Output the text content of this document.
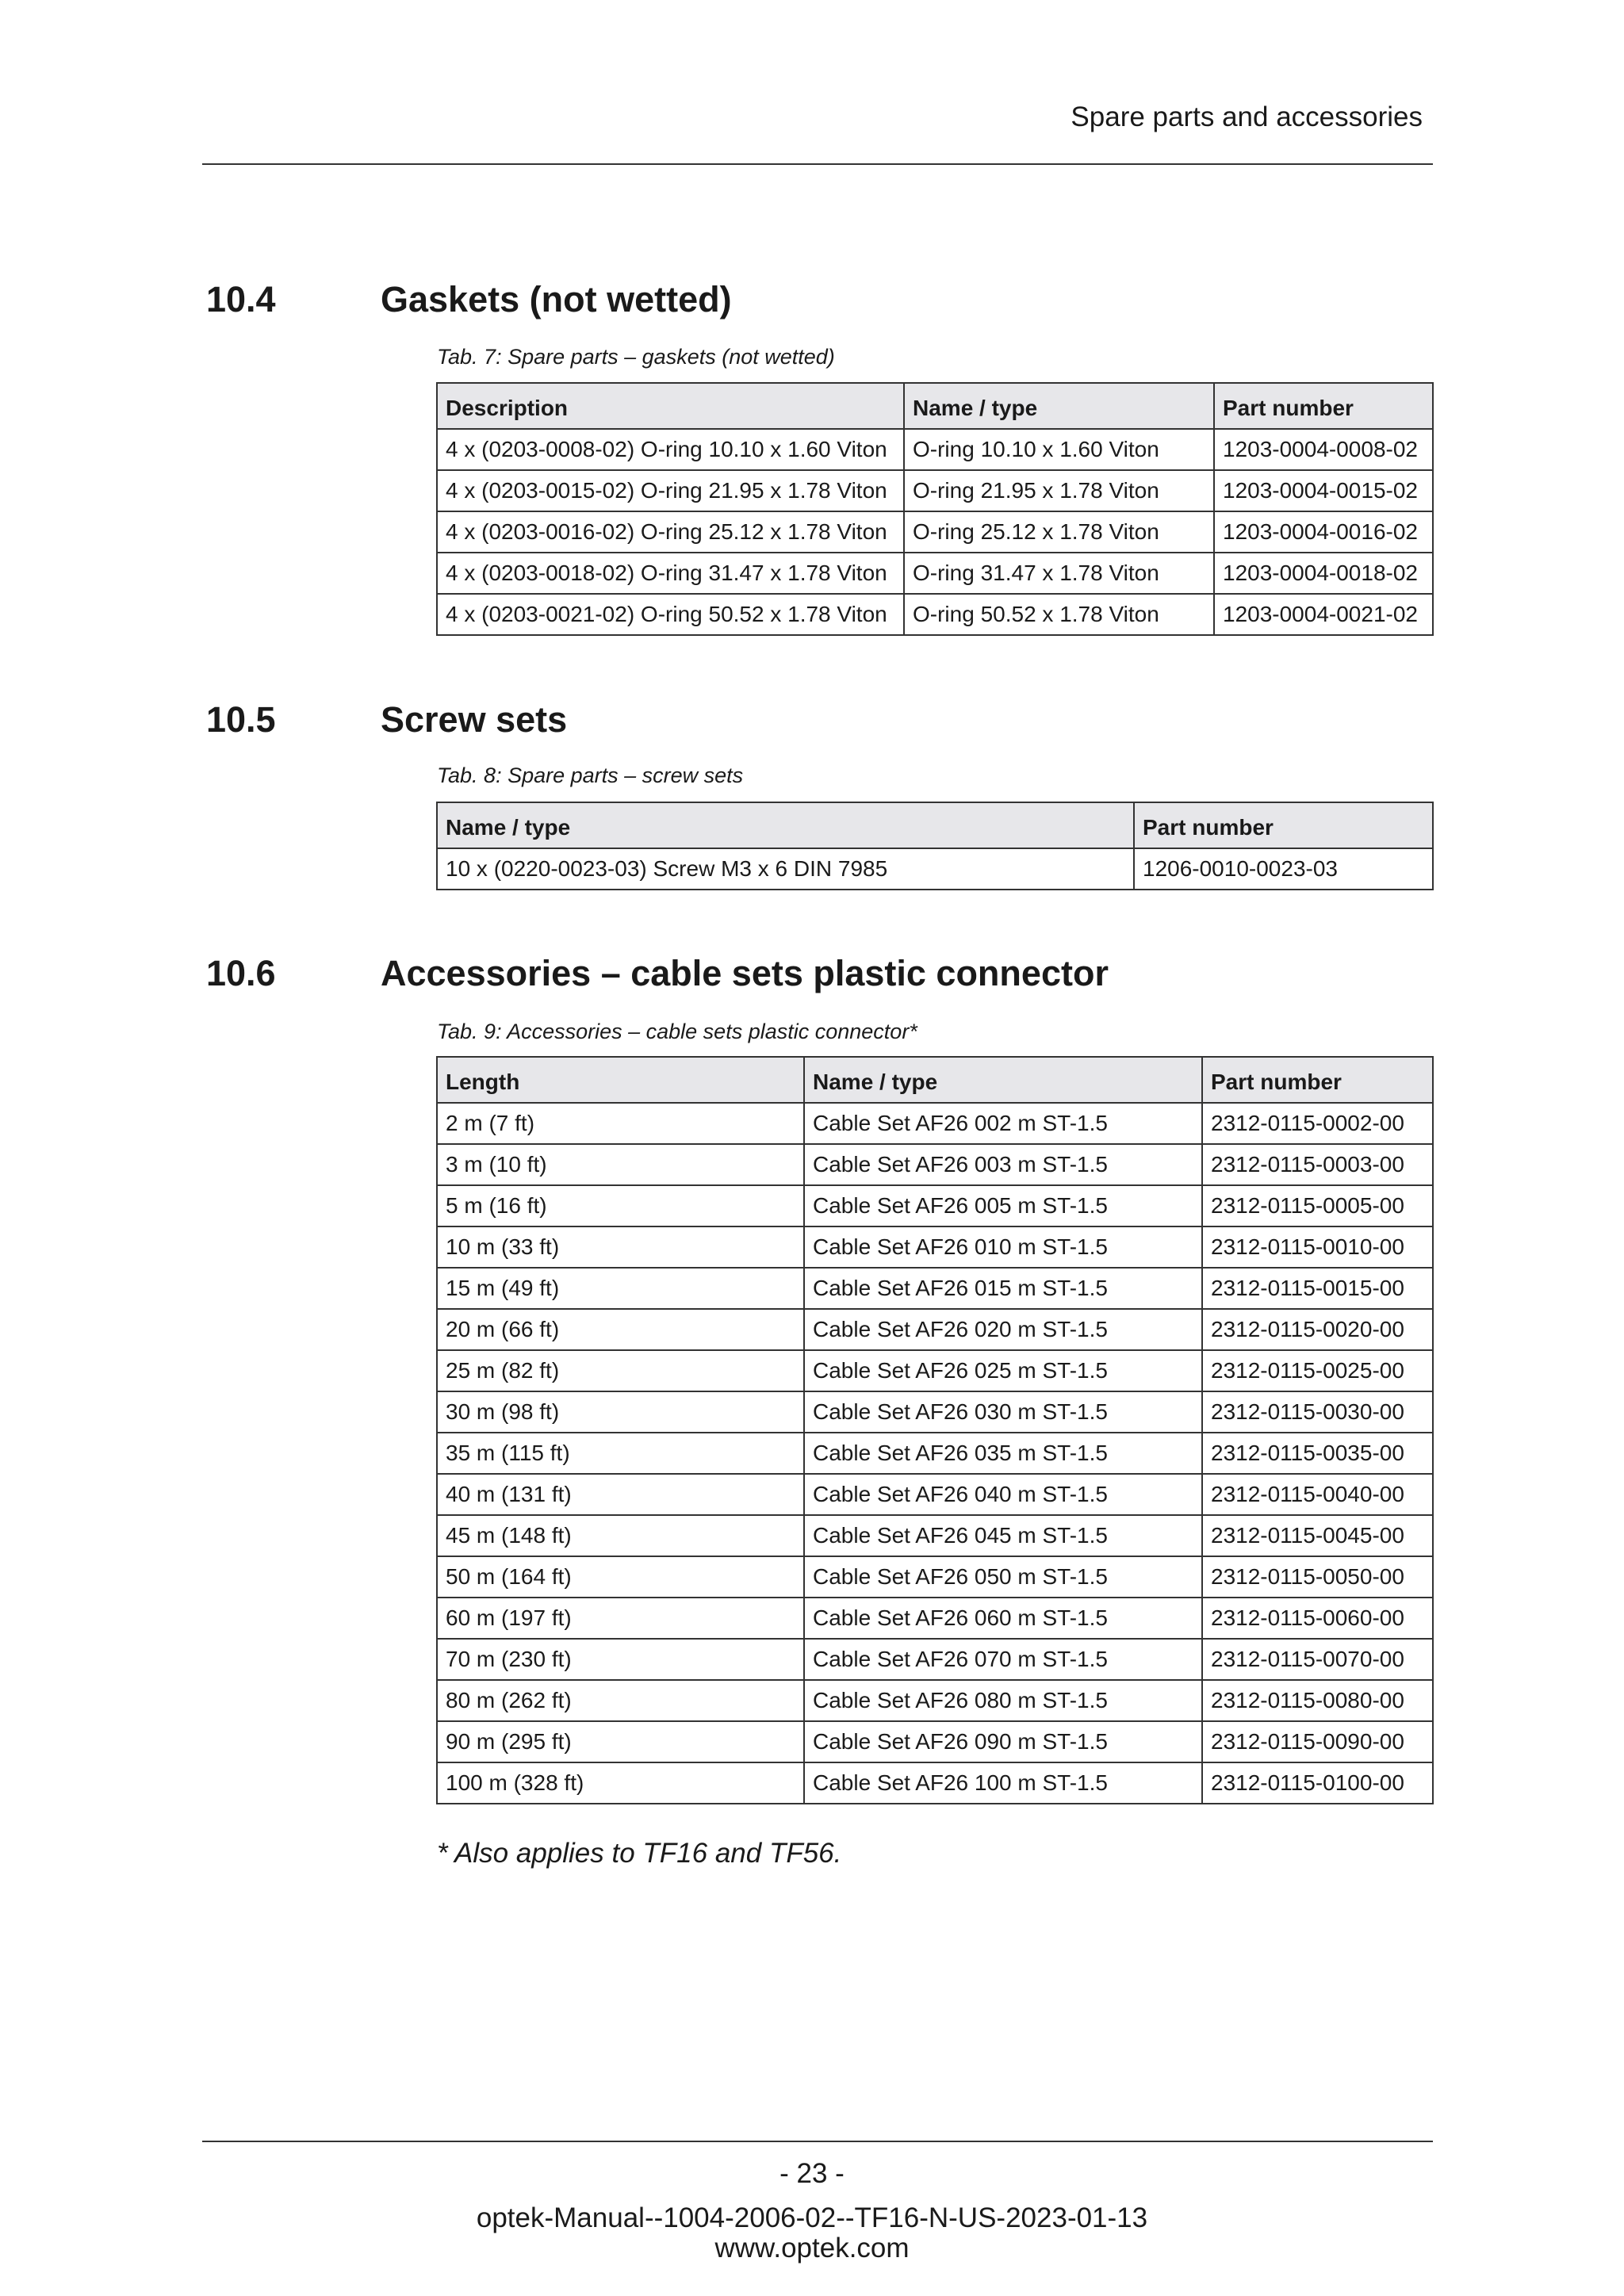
Spare parts and accessories
10.4	Gaskets (not wetted)
Tab. 7: Spare parts – gaskets (not wetted)
Description	Name / type	Part number
4 x (0203-0008-02) O-ring 10.10 x 1.60 Viton	O-ring 10.10 x 1.60 Viton	1203-0004-0008-02
4 x (0203-0015-02) O-ring 21.95 x 1.78 Viton	O-ring 21.95 x 1.78 Viton	1203-0004-0015-02
4 x (0203-0016-02) O-ring 25.12 x 1.78 Viton	O-ring 25.12 x 1.78 Viton	1203-0004-0016-02
4 x (0203-0018-02) O-ring 31.47 x 1.78 Viton	O-ring 31.47 x 1.78 Viton	1203-0004-0018-02
4 x (0203-0021-02) O-ring 50.52 x 1.78 Viton	O-ring 50.52 x 1.78 Viton	1203-0004-0021-02
10.5	Screw sets
Tab. 8: Spare parts – screw sets
Name / type	Part number
10 x (0220-0023-03) Screw M3 x 6 DIN 7985	1206-0010-0023-03
10.6	Accessories – cable sets plastic connector
Tab. 9: Accessories – cable sets plastic connector*
Length	Name / type	Part number
2 m (7 ft)	Cable Set AF26 002 m ST-1.5	2312-0115-0002-00
3 m (10 ft)	Cable Set AF26 003 m ST-1.5	2312-0115-0003-00
5 m (16 ft)	Cable Set AF26 005 m ST-1.5	2312-0115-0005-00
10 m (33 ft)	Cable Set AF26 010 m ST-1.5	2312-0115-0010-00
15 m (49 ft)	Cable Set AF26 015 m ST-1.5	2312-0115-0015-00
20 m (66 ft)	Cable Set AF26 020 m ST-1.5	2312-0115-0020-00
25 m (82 ft)	Cable Set AF26 025 m ST-1.5	2312-0115-0025-00
30 m (98 ft)	Cable Set AF26 030 m ST-1.5	2312-0115-0030-00
35 m (115 ft)	Cable Set AF26 035 m ST-1.5	2312-0115-0035-00
40 m (131 ft)	Cable Set AF26 040 m ST-1.5	2312-0115-0040-00
45 m (148 ft)	Cable Set AF26 045 m ST-1.5	2312-0115-0045-00
50 m (164 ft)	Cable Set AF26 050 m ST-1.5	2312-0115-0050-00
60 m (197 ft)	Cable Set AF26 060 m ST-1.5	2312-0115-0060-00
70 m (230 ft)	Cable Set AF26 070 m ST-1.5	2312-0115-0070-00
80 m (262 ft)	Cable Set AF26 080 m ST-1.5	2312-0115-0080-00
90 m (295 ft)	Cable Set AF26 090 m ST-1.5	2312-0115-0090-00
100 m (328 ft)	Cable Set AF26 100 m ST-1.5	2312-0115-0100-00
* Also applies to TF16 and TF56.
- 23 -
optek-Manual--1004-2006-02--TF16-N-US-2023-01-13
www.optek.com
